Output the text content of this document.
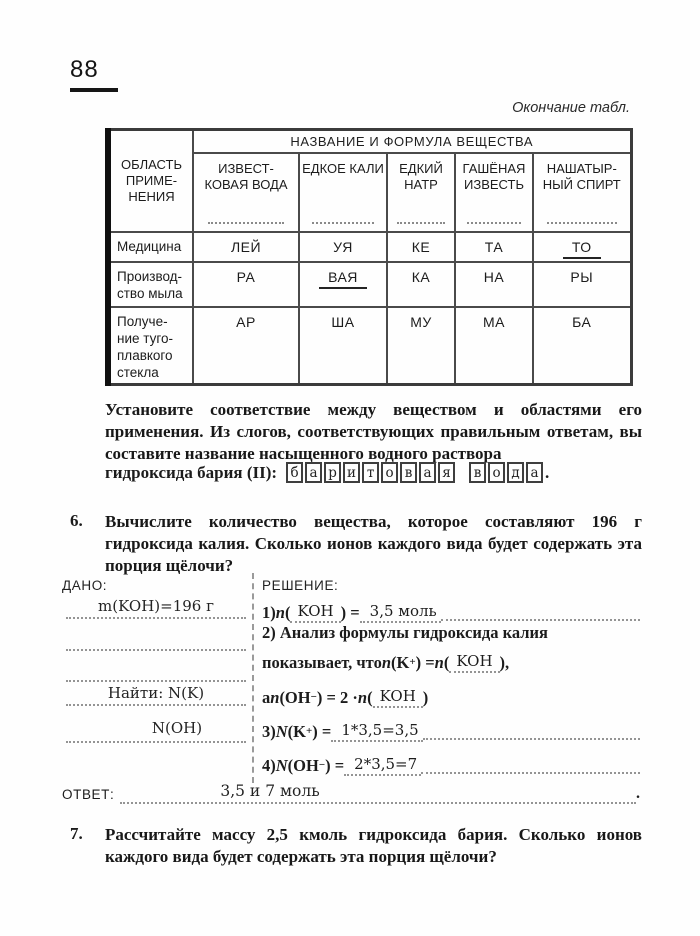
88
Окончание табл.
ОБЛАСТЬ ПРИМЕ- НЕНИЯ	НАЗВАНИЕ И ФОРМУЛА ВЕЩЕСТВА				

	ИЗВЕСТ- КОВАЯ ВОДА	ЕДКОЕ КАЛИ	ЕДКИЙ НАТР	ГАШЁНАЯ ИЗВЕСТЬ	НАШАТЫР- НЫЙ СПИРТ

Медицина	ЛЕЙ	УЯ	КЕ	ТА	ТО
Производ- ство мыла	РА	ВАЯ	КА	НА	РЫ
Получе- ние туго- плавкого стекла	АР	ША	МУ	МА	БА
Установите соответствие между веществом и областями его применения. Из слогов, соответствующих правильным ответам, вы составите название насыщенного водного раствора
гидроксида бария (II): б а р и т о в а я	в о д а .
6. Вычислите количество вещества, которое составляют 196 г гидроксида калия. Сколько ионов каждого вида будет содержать эта порция щёлочи?
ДАНО:	РЕШЕНИЕ:
m(KOH)=196 г
Найти: N(K)
N(OH)
1) n ( KOH ) = 3,5 моль
2) Анализ формулы гидроксида калия
показывает, что n (K + ) = n ( KOH ),
а n (OH − ) = 2 · n ( KOH )
3) N (K + ) = 1*3,5=3,5
4) N (OH − ) = 2*3,5=7
ОТВЕТ:	3,5 и 7 моль	.
7. Рассчитайте массу 2,5 кмоль гидроксида бария. Сколько ионов каждого вида будет содержать эта порция щёлочи?
